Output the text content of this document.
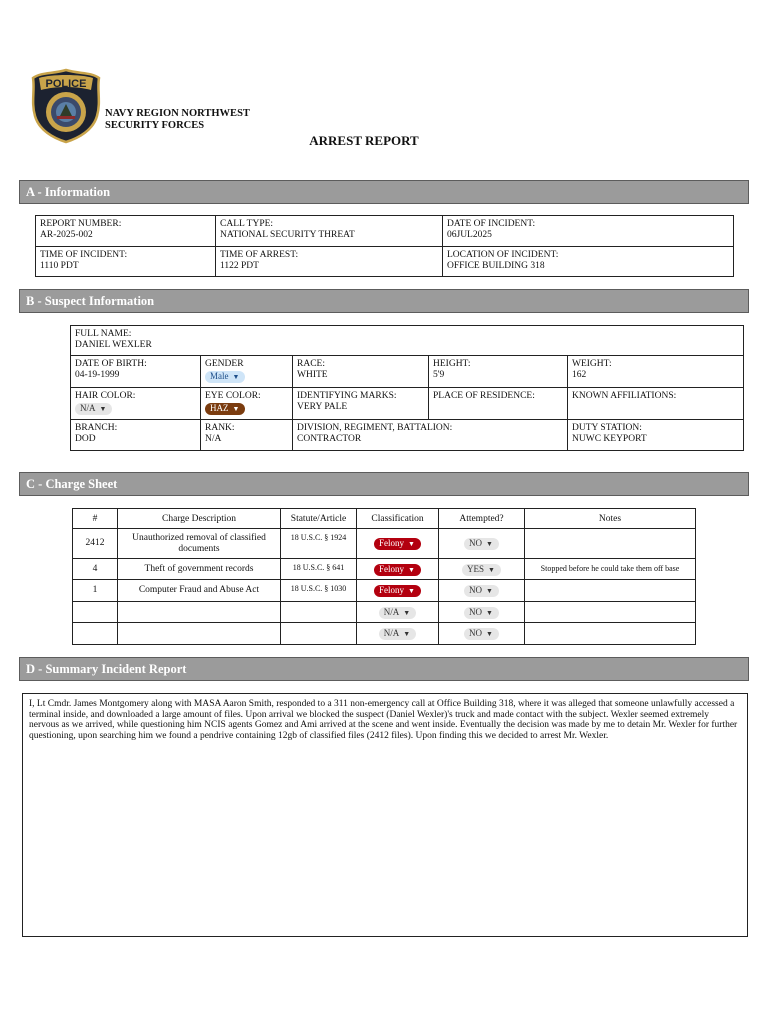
POLICE
NAVY REGION NORTHWEST
SECURITY FORCES
ARREST REPORT
A - Information
REPORT NUMBER:
AR-2025-002	CALL TYPE:
NATIONAL SECURITY THREAT	DATE OF INCIDENT:
06JUL2025

TIME OF INCIDENT:
1110 PDT	TIME OF ARREST:
1122 PDT	LOCATION OF INCIDENT:
OFFICE BUILDING 318
B - Suspect Information
FULL NAME:
DANIEL WEXLER				

DATE OF BIRTH:
04-19-1999	GENDER
Male ▼	RACE:
WHITE	HEIGHT:
5'9	WEIGHT:
162

HAIR COLOR:
N/A ▼	EYE COLOR:
HAZ ▼	IDENTIFYING MARKS:
VERY PALE	PLACE OF RESIDENCE:	KNOWN AFFILIATIONS:

BRANCH:
DOD	RANK:
N/A	DIVISION, REGIMENT, BATTALION:
CONTRACTOR		DUTY STATION:
NUWC KEYPORT
C - Charge Sheet
#	Charge Description	Statute/Article	Classification	Attempted?	Notes
2412	Unauthorized removal of classified documents	18 U.S.C. § 1924	Felony ▼	NO ▼	
4	Theft of government records	18 U.S.C. § 641	Felony ▼	YES ▼	Stopped before he could take them off base
1	Computer Fraud and Abuse Act	18 U.S.C. § 1030	Felony ▼	NO ▼	
			N/A ▼	NO ▼	
			N/A ▼	NO ▼	
D - Summary Incident Report
I, Lt Cmdr. James Montgomery along with MASA Aaron Smith, responded to a 311 non-emergency call at Office Building 318, where it was alleged that someone unlawfully accessed a terminal inside, and downloaded a large amount of files. Upon arrival we blocked the suspect (Daniel Wexler)'s truck and made contact with the subject. Wexler seemed extremely nervous as we arrived, while questioning him NCIS agents Gomez and Ami arrived at the scene and went inside. Eventually the decision was made by me to detain Mr. Wexler for further questioning, upon searching him we found a pendrive containing 12gb of classified files (2412 files). Upon finding this we decided to arrest Mr. Wexler.
